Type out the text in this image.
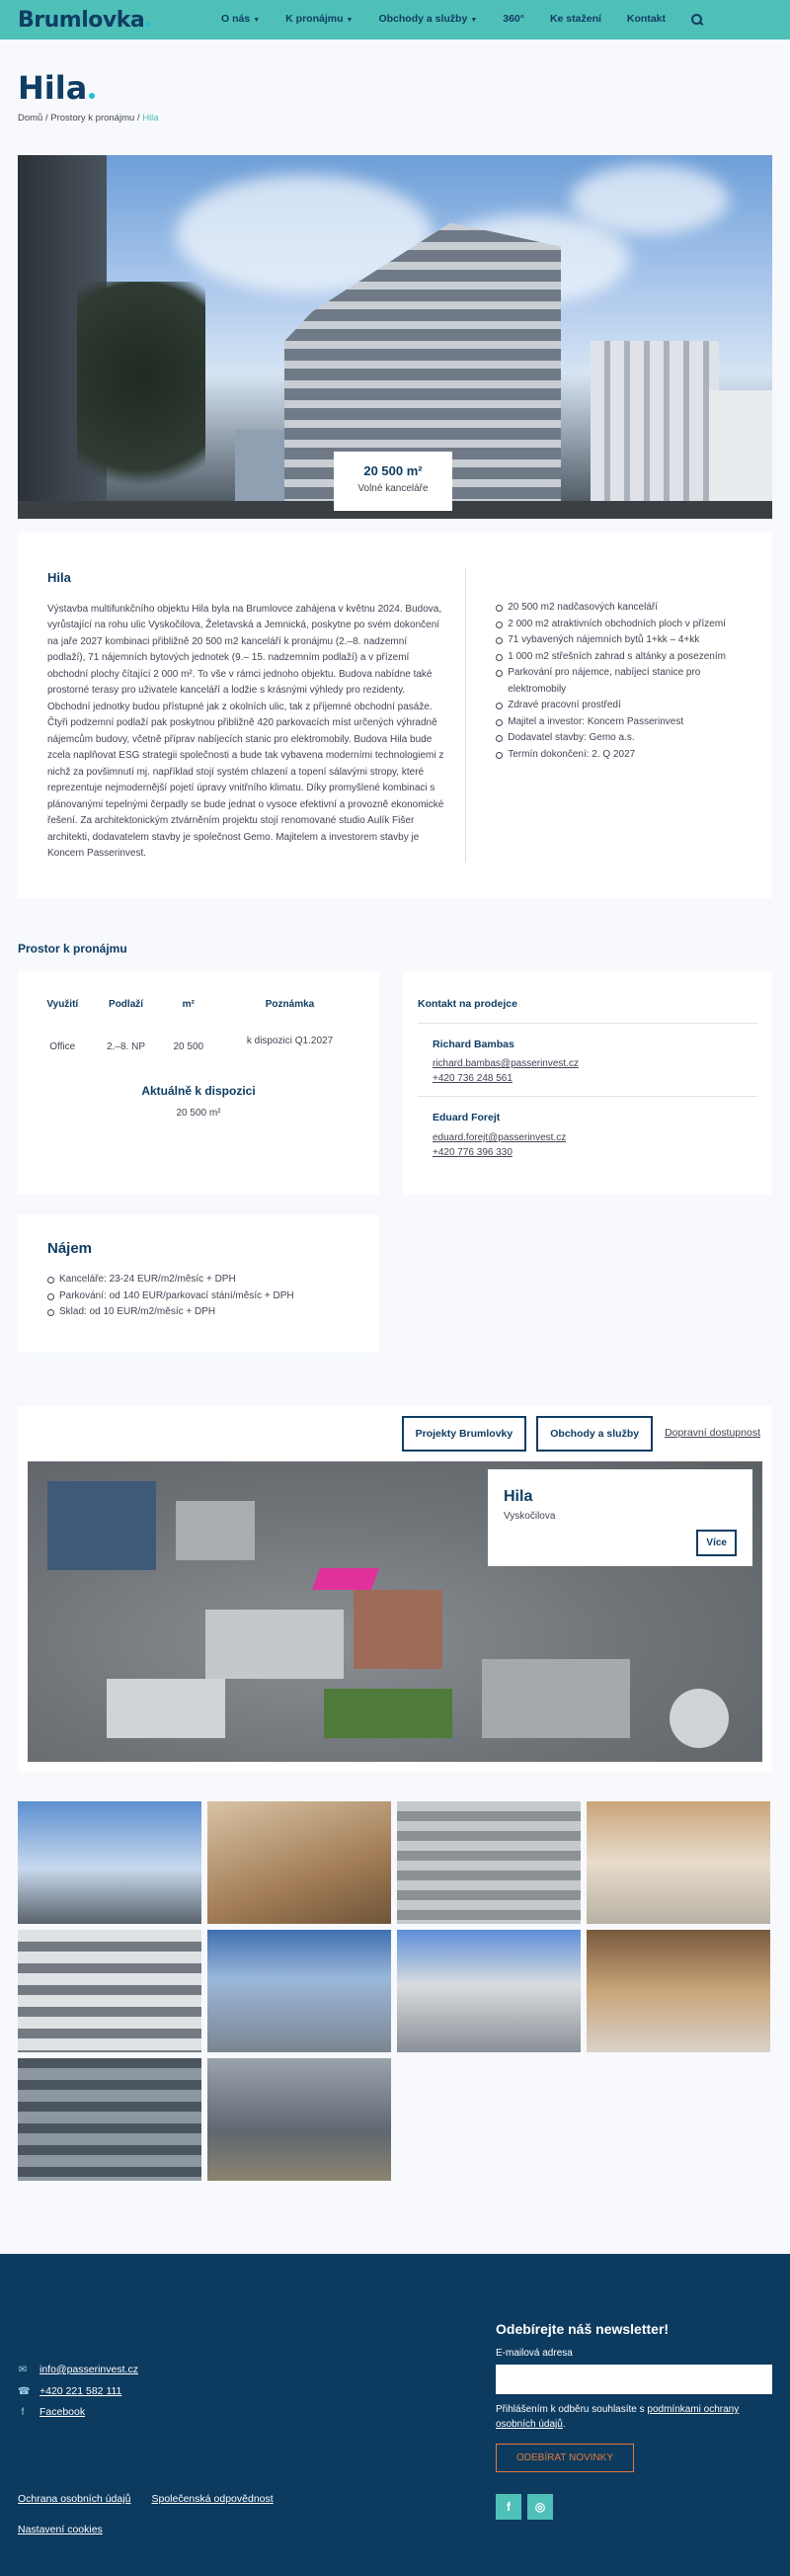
Brumlovka.	O nás ▼ K pronájmu ▼ Obchody a služby ▼ 360° Ke stažení Kontakt
Hila
Domů / Prostory k pronájmu / Hila
20 500 m²
Volné kanceláře
Hila

Výstavba multifunkčního objektu Hila byla na Brumlovce zahájena v květnu 2024. Budova, vyrůstající na rohu ulic Vyskočilova, Želetavská a Jemnická, poskytne po svém dokončení na jaře 2027 kombinaci přibližně 20 500 m2 kanceláří k pronájmu (2.–8. nadzemní podlaží), 71 nájemních bytových jednotek (9.– 15. nadzemním podlaží) a v přízemí obchodní plochy čítající 2 000 m². To vše v rámci jednoho objektu. Budova nabídne také prostorné terasy pro uživatele kanceláří a lodžie s krásnými výhledy pro rezidenty. Obchodní jednotky budou přístupné jak z okolních ulic, tak z příjemné obchodní pasáže. Čtyři podzemní podlaží pak poskytnou přibližně 420 parkovacích míst určených výhradně nájemcům budovy, včetně příprav nabíjecích stanic pro elektromobily. Budova Hila bude zcela naplňovat ESG strategii společnosti a bude tak vybavena moderními technologiemi z nichž za povšimnutí mj. například stojí systém chlazení a topení sálavými stropy, které reprezentuje nejmodernější pojetí úpravy vnitřního klimatu. Díky promyšlené kombinaci s plánovanými tepelnými čerpadly se bude jednat o vysoce efektivní a provozně ekonomické řešení. Za architektonickým ztvárněním projektu stojí renomované studio Aulík Fišer architekti, dodavatelem stavby je společnost Gemo. Majitelem a investorem stavby je Koncern Passerinvest.

20 500 m2 nadčasových kanceláří
2 000 m2 atraktivních obchodních ploch v přízemí
71 vybavených nájemních bytů 1+kk – 4+kk
1 000 m2 střešních zahrad s altánky a posezením
Parkování pro nájemce, nabíjecí stanice pro elektromobily
Zdravé pracovní prostředí
Majitel a investor: Koncern Passerinvest
Dodavatel stavby: Gemo a.s.
Termín dokončení: 2. Q 2027
Prostor k pronájmu
Využití	Podlaží	m²	Poznámka
Office	2.–8. NP	20 500	k dispozici Q1.2027
Aktuálně k dispozici
20 500 m²
Kontakt na prodejce
Richard Bambas
richard.bambas@passerinvest.cz
+420 736 248 561
Eduard Forejt
eduard.forejt@passerinvest.cz
+420 776 396 330
Nájem
Kanceláře: 23-24 EUR/m2/měsíc + DPH
Parkování: od 140 EUR/parkovací stání/měsíc + DPH
Sklad: od 10 EUR/m2/měsíc + DPH
Projekty Brumlovky	Obchody a služby	Dopravní dostupnost
Hila
Vyskočilova
Více
✉ info@passerinvest.cz
☎ +420 221 582 111
f	Facebook
Ochrana osobních údajů Společenská odpovědnost
Nastavení cookies
Odebírejte náš newsletter!
E-mailová adresa
Přihlášením k odběru souhlasíte s podmínkami ochrany osobních údajů.
ODEBÍRAT NOVINKY
f	◎
